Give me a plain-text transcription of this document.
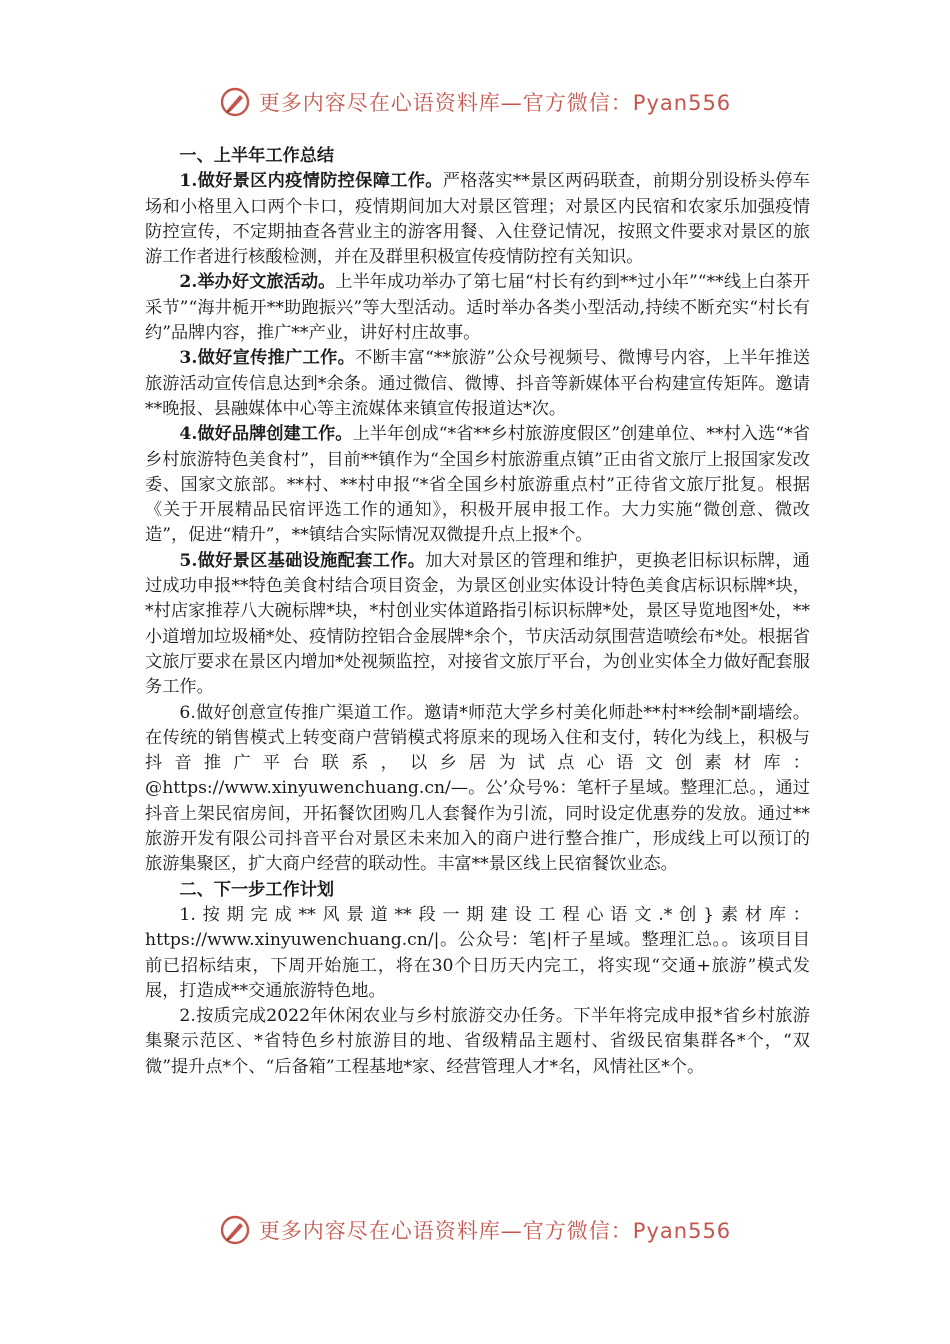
更多内容尽在心语资料库—官方微信：Pyan556
一、上半年工作总结

1.做好景区内疫情防控保障工作。严格落实**景区两码联查，前期分别设桥头停车场和小格里入口两个卡口，疫情期间加大对景区管理；对景区内民宿和农家乐加强疫情防控宣传，不定期抽查各营业主的游客用餐、入住登记情况，按照文件要求对景区的旅游工作者进行核酸检测，并在及群里积极宣传疫情防控有关知识。

2.举办好文旅活动。上半年成功举办了第七届“村长有约到**过小年”“**线上白茶开采节”“海井栀开**助跑振兴”等大型活动。适时举办各类小型活动,持续不断充实“村长有约”品牌内容，推广**产业，讲好村庄故事。

3.做好宣传推广工作。不断丰富“**旅游”公众号视频号、微博号内容，上半年推送旅游活动宣传信息达到*余条。通过微信、微博、抖音等新媒体平台构建宣传矩阵。邀请**晚报、县融媒体中心等主流媒体来镇宣传报道达*次。

4.做好品牌创建工作。上半年创成“*省**乡村旅游度假区”创建单位、**村入选“*省乡村旅游特色美食村”，目前**镇作为“全国乡村旅游重点镇”正由省文旅厅上报国家发改委、国家文旅部。**村、**村申报“*省全国乡村旅游重点村”正待省文旅厅批复。根据《关于开展精品民宿评选工作的通知》，积极开展申报工作。大力实施“微创意、微改造”，促进“精升”，**镇结合实际情况双微提升点上报*个。

5.做好景区基础设施配套工作。加大对景区的管理和维护，更换老旧标识标牌，通过成功申报**特色美食村结合项目资金，为景区创业实体设计特色美食店标识标牌*块，*村店家推荐八大碗标牌*块，*村创业实体道路指引标识标牌*处，景区导览地图*处，**小道增加垃圾桶*处、疫情防控铝合金展牌*余个，节庆活动氛围营造喷绘布*处。根据省文旅厅要求在景区内增加*处视频监控，对接省文旅厅平台，为创业实体全力做好配套服务工作。

6.做好创意宣传推广渠道工作。邀请*师范大学乡村美化师赴**村**绘制*副墙绘。在传统的销售模式上转变商户营销模式将原来的现场入住和支付，转化为线上，积极与抖音推广平台联系，以乡居为试点心语文创素材库：@https://www.xinyuwenchuang.cn/—。公’众号%：笔杆子星域。整理汇总。，通过抖音上架民宿房间，开拓餐饮团购几人套餐作为引流，同时设定优惠券的发放。通过**旅游开发有限公司抖音平台对景区未来加入的商户进行整合推广，形成线上可以预订的旅游集聚区，扩大商户经营的联动性。丰富**景区线上民宿餐饮业态。

二、下一步工作计划

1.按期完成**风景道**段一期建设工程心语文.*创}素材库：https://www.xinyuwenchuang.cn/|。公众号：笔|杆子星域。整理汇总。。该项目目前已招标结束，下周开始施工，将在30个日历天内完工，将实现“交通+旅游”模式发展，打造成**交通旅游特色地。

2.按质完成2022年休闲农业与乡村旅游交办任务。下半年将完成申报*省乡村旅游集聚示范区、*省特色乡村旅游目的地、省级精品主题村、省级民宿集群各*个，“双微”提升点*个、“后备箱”工程基地*家、经营管理人才*名，风情社区*个。

更多内容尽在心语资料库—官方微信：Pyan556
